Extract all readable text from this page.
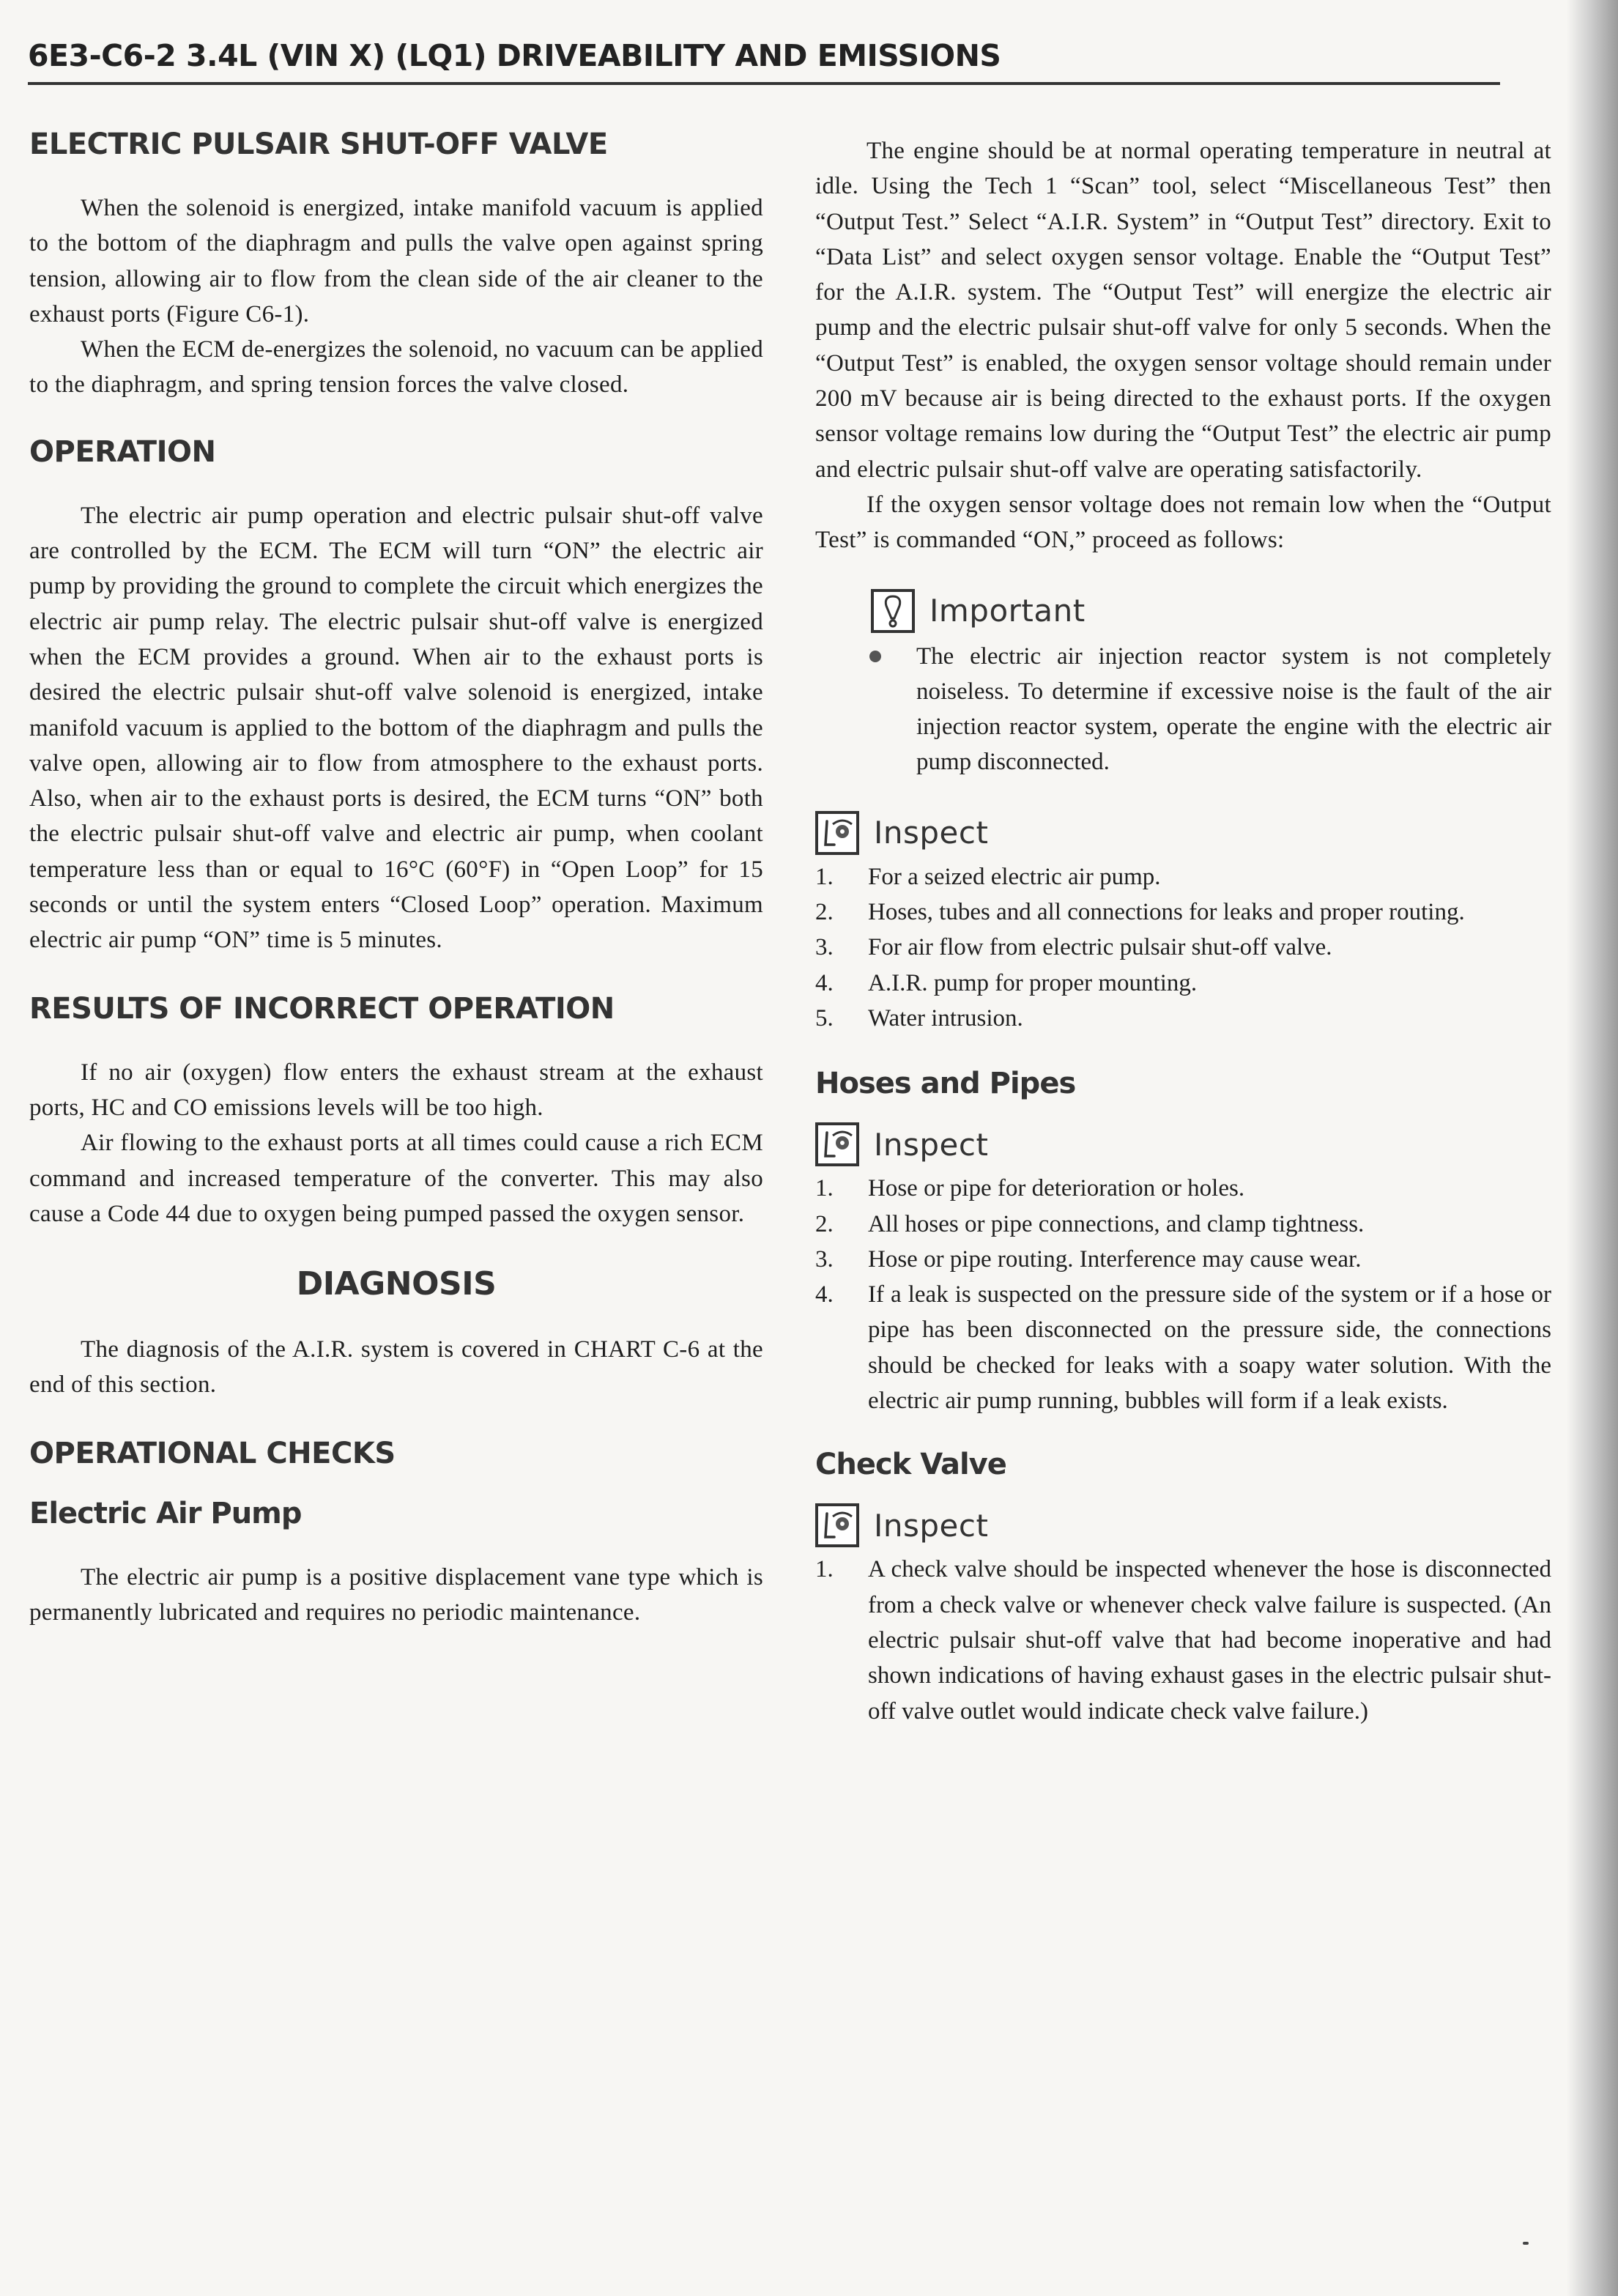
6E3-C6-2 3.4L (VIN X) (LQ1) DRIVEABILITY AND EMISSIONS
ELECTRIC PULSAIR SHUT-OFF VALVE

When the solenoid is energized, intake manifold vacuum is applied to the bottom of the diaphragm and pulls the valve open against spring tension, allowing air to flow from the clean side of the air cleaner to the exhaust ports (Figure C6-1).

When the ECM de-energizes the solenoid, no vacuum can be applied to the diaphragm, and spring tension forces the valve closed.

OPERATION

The electric air pump operation and electric pulsair shut-off valve are controlled by the ECM. The ECM will turn “ON” the electric air pump by providing the ground to complete the circuit which energizes the electric air pump relay. The electric pulsair shut-off valve is energized when the ECM provides a ground. When air to the exhaust ports is desired the electric pulsair shut-off valve solenoid is energized, intake manifold vacuum is applied to the bottom of the diaphragm and pulls the valve open, allowing air to flow from atmosphere to the exhaust ports. Also, when air to the exhaust ports is desired, the ECM turns “ON” both the electric pulsair shut-off valve and electric air pump, when coolant temperature less than or equal to 16°C (60°F) in “Open Loop” for 15 seconds or until the system enters “Closed Loop” operation. Maximum electric air pump “ON” time is 5 minutes.

RESULTS OF INCORRECT OPERATION

If no air (oxygen) flow enters the exhaust stream at the exhaust ports, HC and CO emissions levels will be too high.

Air flowing to the exhaust ports at all times could cause a rich ECM command and increased temperature of the converter. This may also cause a Code 44 due to oxygen being pumped passed the oxygen sensor.

DIAGNOSIS

The diagnosis of the A.I.R. system is covered in CHART C-6 at the end of this section.

OPERATIONAL CHECKS
Electric Air Pump

The electric air pump is a positive displacement vane type which is permanently lubricated and requires no periodic maintenance.

The engine should be at normal operating temperature in neutral at idle. Using the Tech 1 “Scan” tool, select “Miscellaneous Test” then “Output Test.” Select “A.I.R. System” in “Output Test” directory. Exit to “Data List” and select oxygen sensor voltage. Enable the “Output Test” for the A.I.R. system. The “Output Test” will energize the electric air pump and the electric pulsair shut-off valve for only 5 seconds. When the “Output Test” is enabled, the oxygen sensor voltage should remain under 200 mV because air is being directed to the exhaust ports. If the oxygen sensor voltage remains low during the “Output Test” the electric air pump and electric pulsair shut-off valve are operating satisfactorily.

If the oxygen sensor voltage does not remain low when the “Output Test” is commanded “ON,” proceed as follows:

Important
The electric air injection reactor system is not completely noiseless. To determine if excessive noise is the fault of the air injection reactor system, operate the engine with the electric air pump disconnected.
Inspect
1.	For a seized electric air pump.
2.	Hoses, tubes and all connections for leaks and proper routing.
3.	For air flow from electric pulsair shut-off valve.
4.	A.I.R. pump for proper mounting.
5.	Water intrusion.
Hoses and Pipes
Inspect
1.	Hose or pipe for deterioration or holes.
2.	All hoses or pipe connections, and clamp tightness.
3.	Hose or pipe routing. Interference may cause wear.
4.	If a leak is suspected on the pressure side of the system or if a hose or pipe has been disconnected on the pressure side, the connections should be checked for leaks with a soapy water solution. With the electric air pump running, bubbles will form if a leak exists.
Check Valve
Inspect
1.	A check valve should be inspected whenever the hose is disconnected from a check valve or whenever check valve failure is suspected. (An electric pulsair shut-off valve that had become inoperative and had shown indications of having exhaust gases in the electric pulsair shut-off valve outlet would indicate check valve failure.)
